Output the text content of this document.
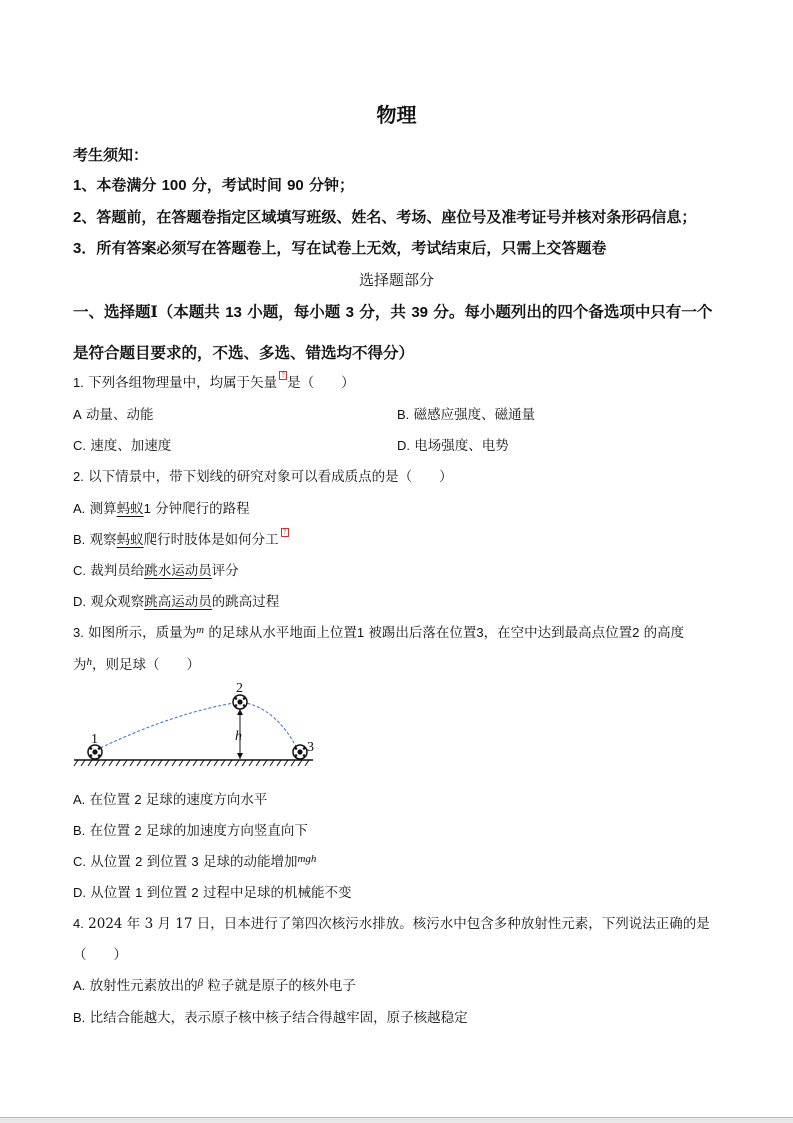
物理
考生须知：
1、本卷满分 100 分，考试时间 90 分钟；
2、答题前，在答题卷指定区域填写班级、姓名、考场、座位号及准考证号并核对条形码信息；
3．所有答案必须写在答题卷上，写在试卷上无效，考试结束后，只需上交答题卷
选择题部分
一、选择题Ⅰ（本题共 13 小题，每小题 3 分，共 39 分。每小题列出的四个备选项中只有一个
是符合题目要求的，不选、多选、错选均不得分）
1. 下列各组物理量中，均属于矢量 ? 是（　　）
A 动量、动能	B. 磁感应强度、磁通量
C. 速度、加速度	D. 电场强度、电势
2. 以下情景中，带下划线的研究对象可以看成质点的是（　　）
A. 测算蚂蚁1 分钟爬行的路程
B. 观察蚂蚁爬行时肢体是如何分工 ?
C. 裁判员给跳水运动员评分
D. 观众观察跳高运动员的跳高过程
3. 如图所示，质量为$^m$ 的足球从水平地面上位置1 被踢出后落在位置3，在空中达到最高点位置2 的高度
为$^h$，则足球（　　）
1
2
3
h
A. 在位置 2 足球的速度方向水平
B. 在位置 2 足球的加速度方向竖直向下
C. 从位置 2 到位置 3 足球的动能增加$^{mgh}$
D. 从位置 1 到位置 2 过程中足球的机械能不变
4. 2024 年 3 月 17 日，日本进行了第四次核污水排放。核污水中包含多种放射性元素，下列说法正确的是
（　　）
A. 放射性元素放出的$^\beta$ 粒子就是原子的核外电子
B. 比结合能越大，表示原子核中核子结合得越牢固，原子核越稳定
